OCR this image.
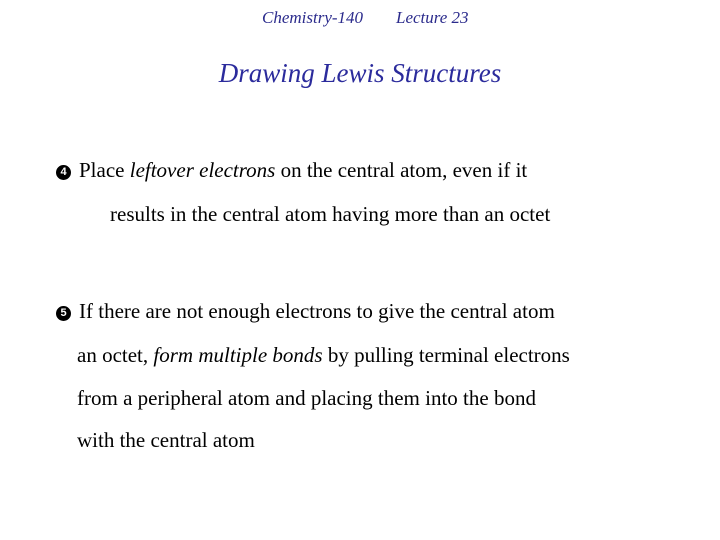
Chemistry-140 Lecture 23
Drawing Lewis Structures
4 Place leftover electrons on the central atom, even if it
results in the central atom having more than an octet
5 If there are not enough electrons to give the central atom
an octet, form multiple bonds by pulling terminal electrons
from a peripheral atom and placing them into the bond
with the central atom
